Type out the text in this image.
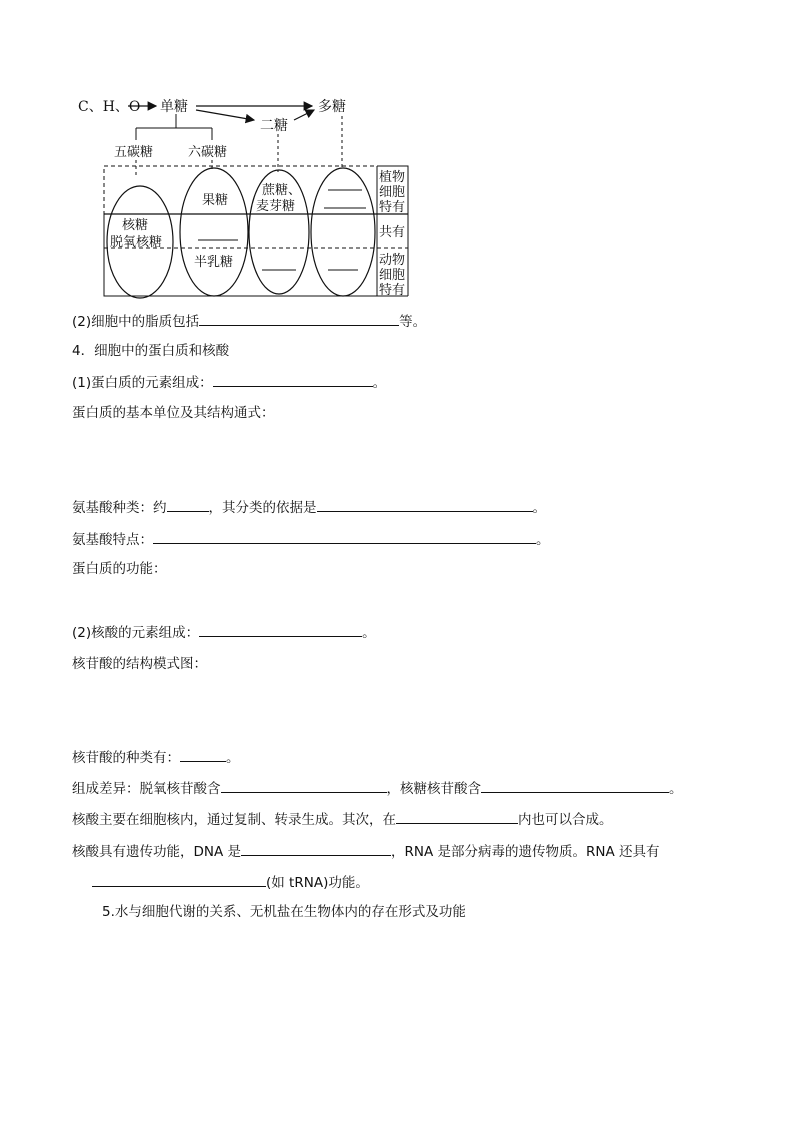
C、H、O 单糖
二糖
多糖
五碳糖	六碳糖
核糖
脱氧核糖
果糖
半乳糖
蔗糖、
麦芽糖
植物
细胞
特有
共有
动物
细胞
特有
(2)细胞中的脂质包括	等。
4．细胞中的蛋白质和核酸
(1)蛋白质的元素组成：	。
蛋白质的基本单位及其结构通式：
氨基酸种类：约	，其分类的依据是	。
氨基酸特点：	。
蛋白质的功能：
(2)核酸的元素组成：	。
核苷酸的结构模式图：
核苷酸的种类有：	。
组成差异：脱氧核苷酸含	，核糖核苷酸含	。
核酸主要在细胞核内，通过复制、转录生成。其次，在	内也可以合成。
核酸具有遗传功能，DNA 是	，RNA 是部分病毒的遗传物质。RNA 还具有
(如 tRNA)功能。
5.水与细胞代谢的关系、无机盐在生物体内的存在形式及功能
